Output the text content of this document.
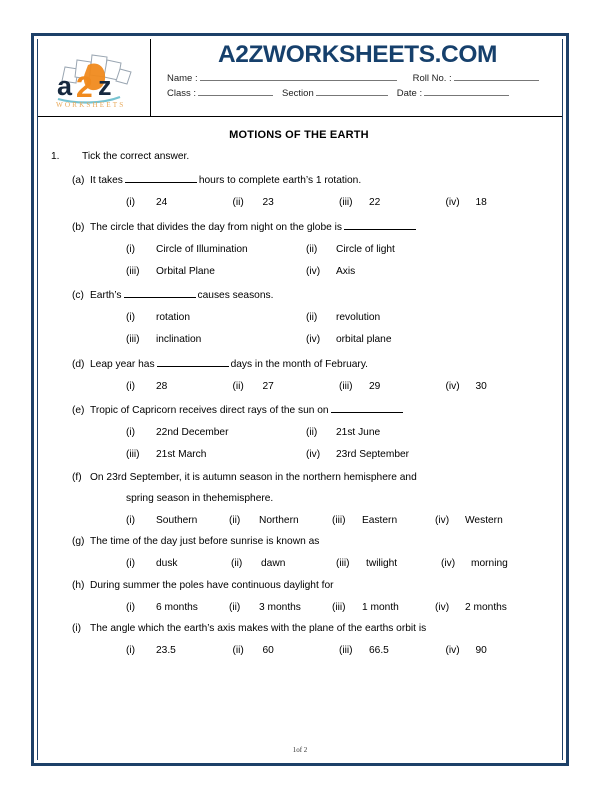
a 2 z
WORKSHEETS
A2ZWORKSHEETS.COM
Name :	Roll No. :
Class :	Section	Date :
MOTIONS OF THE EARTH
1.	Tick the correct answer.
(a) It takes	hours to complete earth’s 1 rotation.
(i)	24	(ii)	23	(iii)	22	(iv)	18
(b) The circle that divides the day from night on the globe is
(i)	Circle of Illumination	(ii)	Circle of light
(iii)	Orbital Plane	(iv)	Axis
(c) Earth’s	causes seasons.
(i)	rotation	(ii)	revolution
(iii)	inclination	(iv)	orbital plane
(d) Leap year has	days in the month of February.
(i)	28	(ii)	27	(iii)	29	(iv)	30
(e) Tropic of Capricorn receives direct rays of the sun on
(i)	22nd December	(ii)	21st June
(iii)	21st March	(iv)	23rd September
(f) On 23rd September, it is autumn season in the northern hemisphere and
spring season in thehemisphere.
(i)	Southern	(ii)	Northern	(iii)	Eastern	(iv)	Western
(g) The time of the day just before sunrise is known as
(i)	dusk	(ii)	dawn	(iii)	twilight	(iv)	morning
(h) During summer the poles have continuous daylight for
(i)	6 months	(ii)	3 months	(iii)	1 month	(iv)	2 months
(i) The angle which the earth’s axis makes with the plane of the earths orbit is
(i)	23.5	(ii)	60	(iii)	66.5	(iv)	90
1of 2
